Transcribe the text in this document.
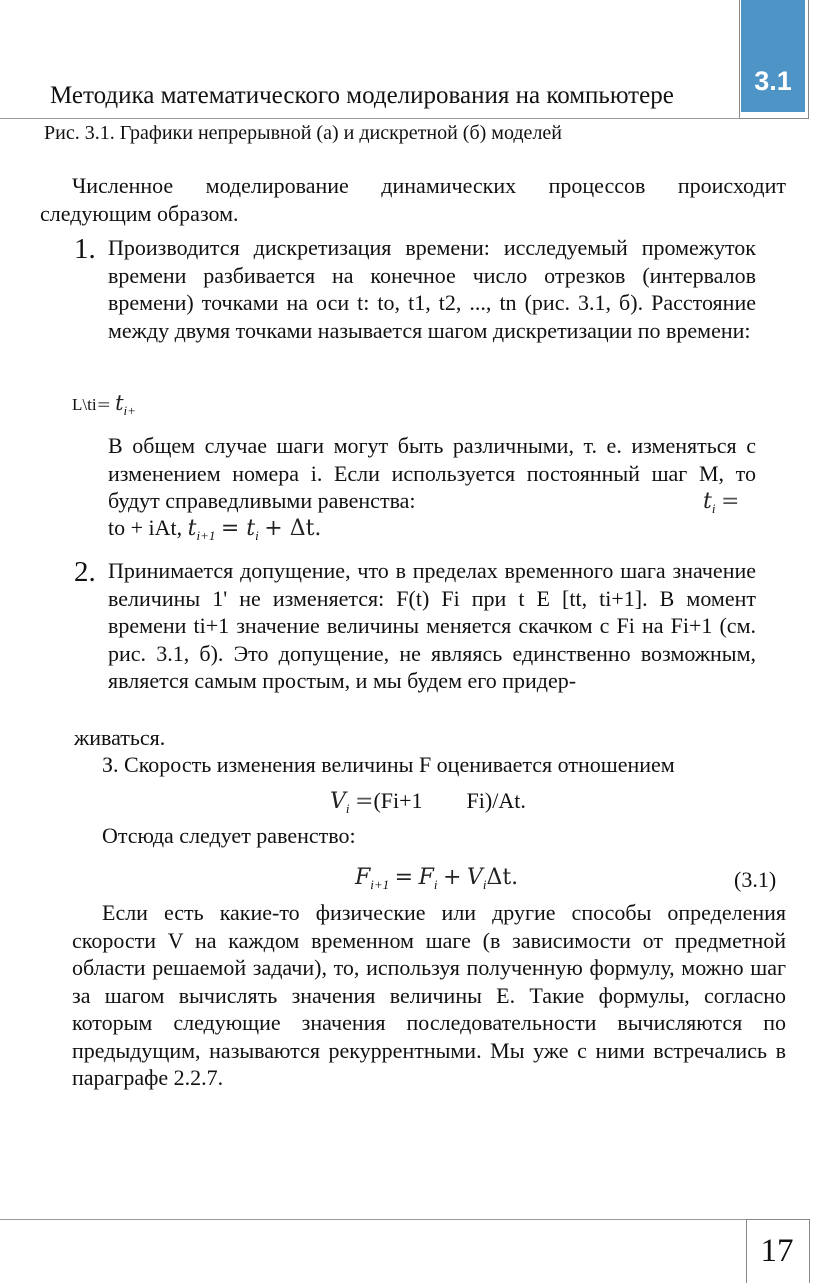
3.1
Методика математического моделирования на компьютере
Рис. 3.1. Графики непрерывной (а) и дискретной (б) моделей
Численное моделирование динамических процессов происходит следующим образом.
1. Производится дискретизация времени: исследуемый промежуток времени разбивается на конечное число отрезков (интервалов времени) точками на оси t: to, t1, t2, ..., tn (рис. 3.1, б). Расстояние между двумя точками называется шагом дискретизации по времени:
L\ti= $t_{i+}$
В общем случае шаги могут быть различными, т. е. изменяться с изменением номера i. Если используется постоянный шаг М, то будут справедливыми равенства:	$t_i$ =
to + iAt, $t_{i+1} = t_i + \Delta t$.
2. Принимается допущение, что в пределах временного шага значение величины 1' не изменяется: F(t) Fi при t E [tt, ti+1]. В момент времени ti+1 значение величины меняется скачком с Fi на Fi+1 (см. рис. 3.1, б). Это допущение, не являясь единственно возможным, является самым простым, и мы будем его придер-
живаться.
З. Скорость изменения величины F оценивается отношением
$V_i =(Fi+1$        Fi)/At.
Отсюда следует равенство:
$F_{i+1} = F_i + V_i\Delta t$.	(3.1)
Если есть какие-то физические или другие способы определения скорости V на каждом временном шаге (в зависимости от предметной области решаемой задачи), то, используя полученную формулу, можно шаг за шагом вычислять значения величины Е. Такие формулы, согласно которым следующие значения последовательности вычисляются по предыдущим, называются рекуррентными. Мы уже с ними встречались в параграфе 2.2.7.
17
